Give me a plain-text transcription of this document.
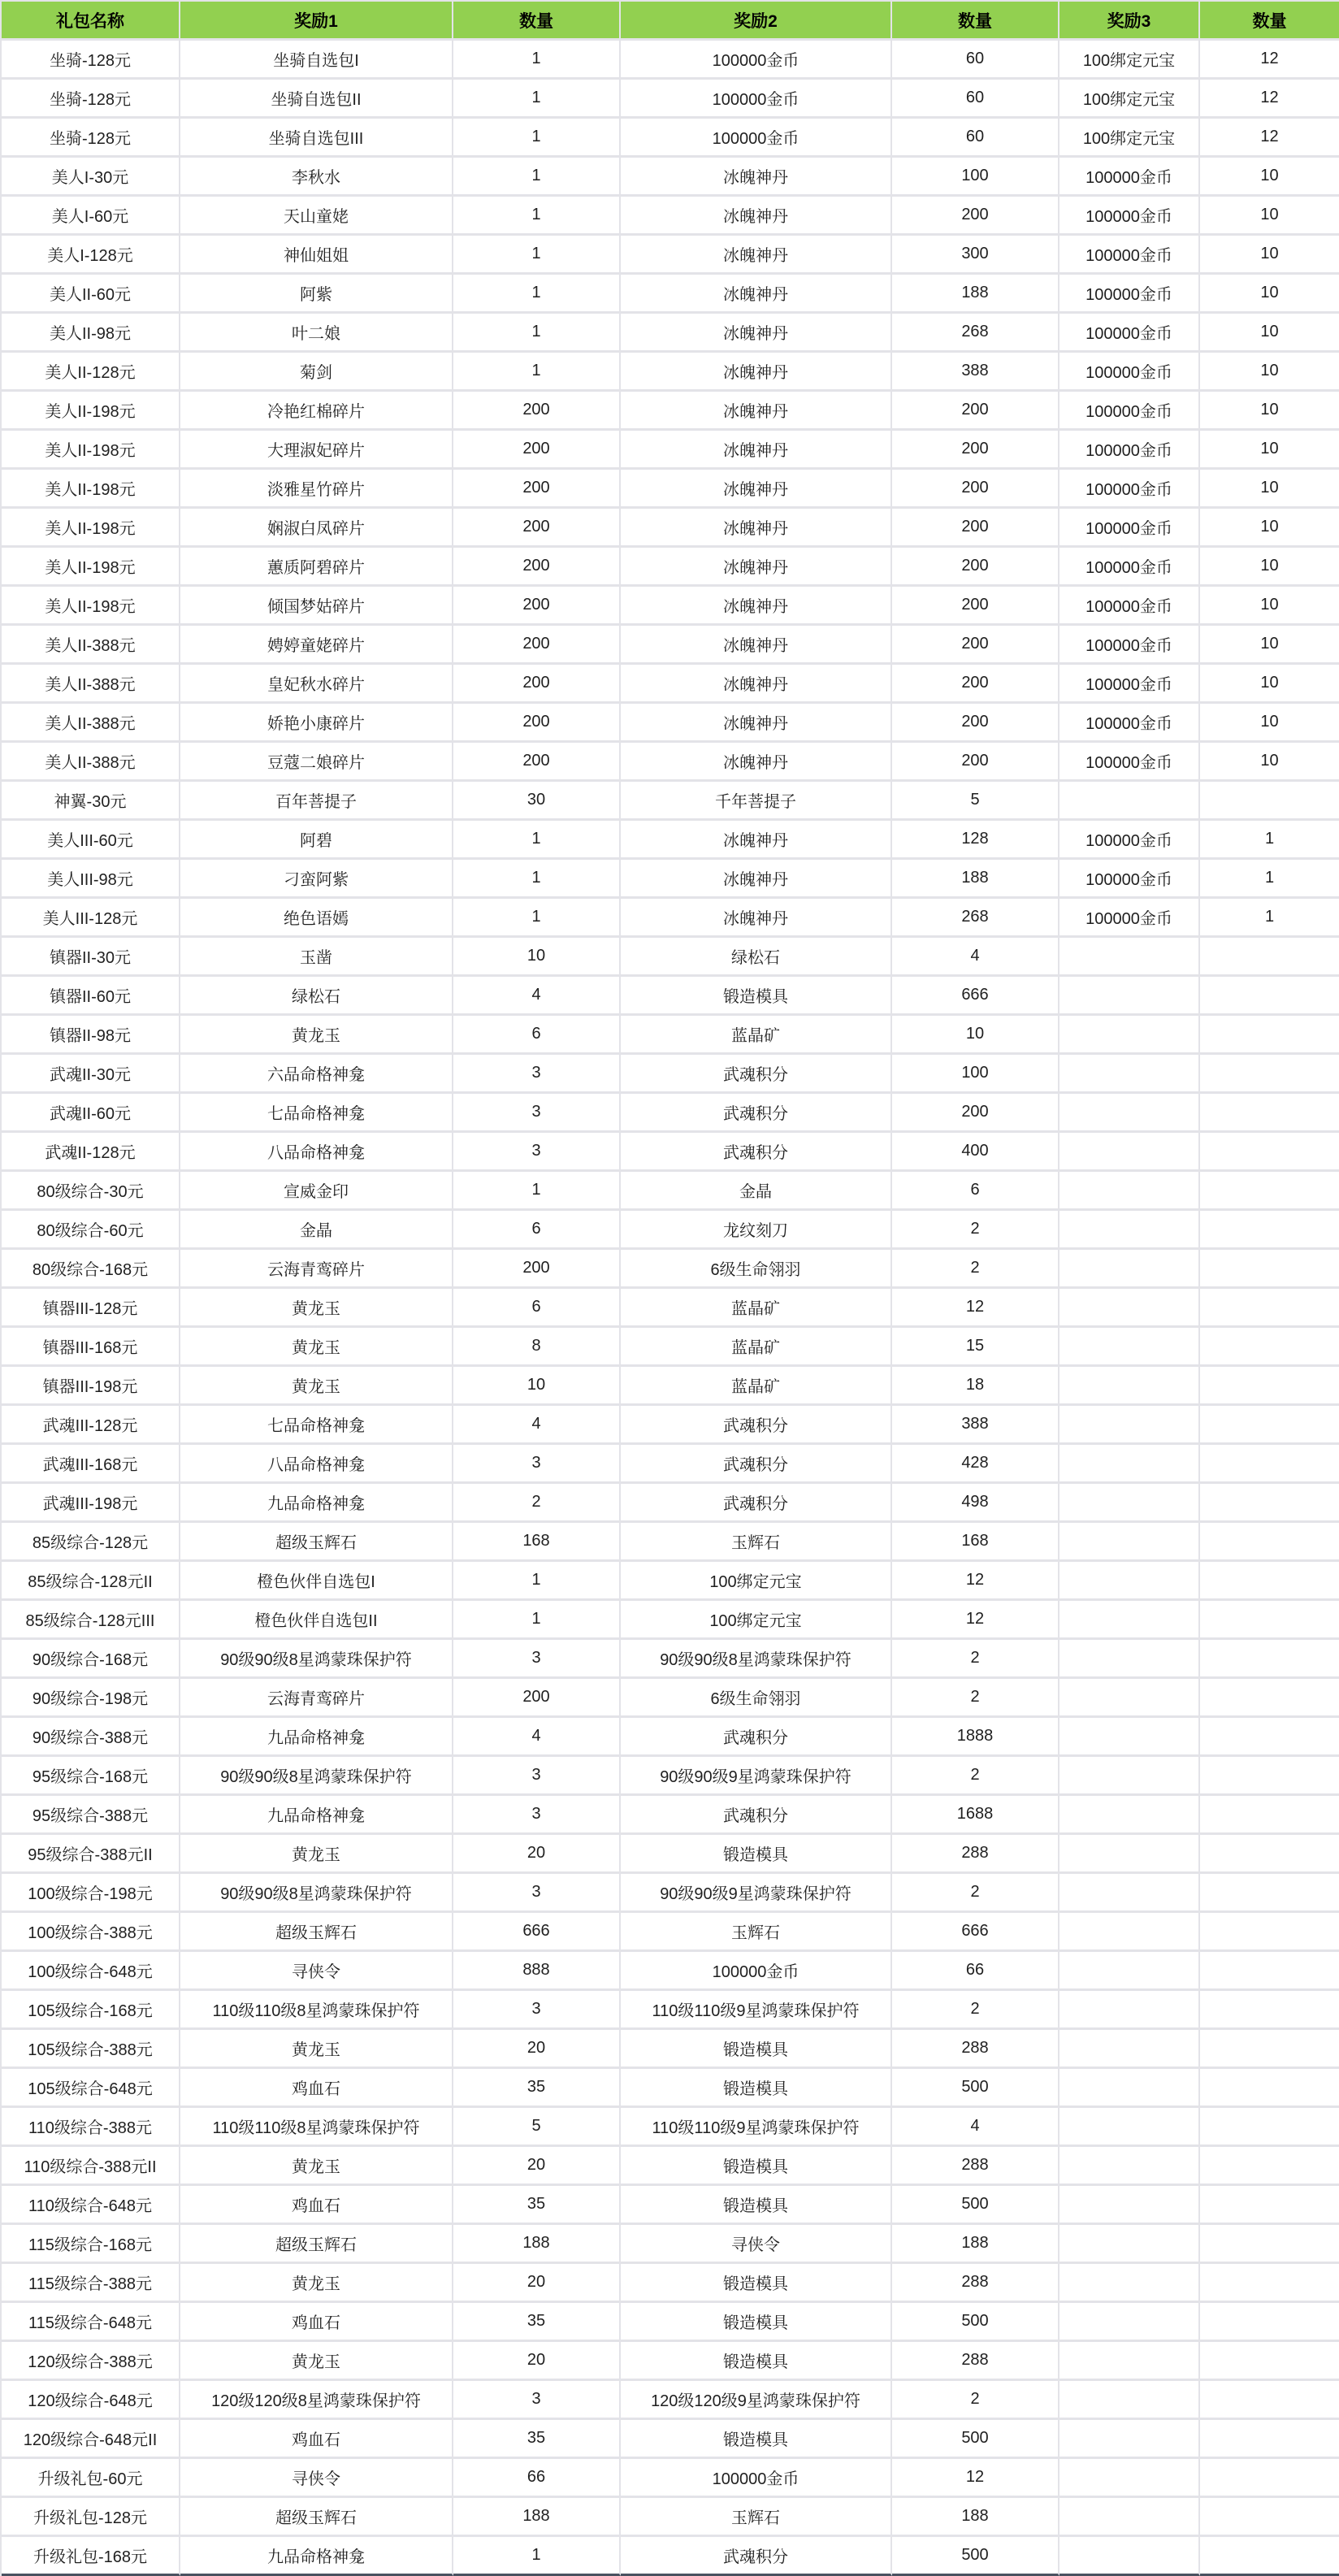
礼包名称	奖励1	数量	奖励2	数量	奖励3	数量
坐骑-128元	坐骑自选包I	1	100000金币	60	100绑定元宝	12
坐骑-128元	坐骑自选包II	1	100000金币	60	100绑定元宝	12
坐骑-128元	坐骑自选包III	1	100000金币	60	100绑定元宝	12
美人I-30元	李秋水	1	冰魄神丹	100	100000金币	10
美人I-60元	天山童姥	1	冰魄神丹	200	100000金币	10
美人I-128元	神仙姐姐	1	冰魄神丹	300	100000金币	10
美人II-60元	阿紫	1	冰魄神丹	188	100000金币	10
美人II-98元	叶二娘	1	冰魄神丹	268	100000金币	10
美人II-128元	菊剑	1	冰魄神丹	388	100000金币	10
美人II-198元	冷艳红棉碎片	200	冰魄神丹	200	100000金币	10
美人II-198元	大理淑妃碎片	200	冰魄神丹	200	100000金币	10
美人II-198元	淡雅星竹碎片	200	冰魄神丹	200	100000金币	10
美人II-198元	娴淑白凤碎片	200	冰魄神丹	200	100000金币	10
美人II-198元	蕙质阿碧碎片	200	冰魄神丹	200	100000金币	10
美人II-198元	倾国梦姑碎片	200	冰魄神丹	200	100000金币	10
美人II-388元	娉婷童姥碎片	200	冰魄神丹	200	100000金币	10
美人II-388元	皇妃秋水碎片	200	冰魄神丹	200	100000金币	10
美人II-388元	娇艳小康碎片	200	冰魄神丹	200	100000金币	10
美人II-388元	豆蔻二娘碎片	200	冰魄神丹	200	100000金币	10
神翼-30元	百年菩提子	30	千年菩提子	5		
美人III-60元	阿碧	1	冰魄神丹	128	100000金币	1
美人III-98元	刁蛮阿紫	1	冰魄神丹	188	100000金币	1
美人III-128元	绝色语嫣	1	冰魄神丹	268	100000金币	1
镇器II-30元	玉凿	10	绿松石	4		
镇器II-60元	绿松石	4	锻造模具	666		
镇器II-98元	黄龙玉	6	蓝晶矿	10		
武魂II-30元	六品命格神龛	3	武魂积分	100		
武魂II-60元	七品命格神龛	3	武魂积分	200		
武魂II-128元	八品命格神龛	3	武魂积分	400		
80级综合-30元	宣威金印	1	金晶	6		
80级综合-60元	金晶	6	龙纹刻刀	2		
80级综合-168元	云海青鸾碎片	200	6级生命翎羽	2		
镇器III-128元	黄龙玉	6	蓝晶矿	12		
镇器III-168元	黄龙玉	8	蓝晶矿	15		
镇器III-198元	黄龙玉	10	蓝晶矿	18		
武魂III-128元	七品命格神龛	4	武魂积分	388		
武魂III-168元	八品命格神龛	3	武魂积分	428		
武魂III-198元	九品命格神龛	2	武魂积分	498		
85级综合-128元	超级玉辉石	168	玉辉石	168		
85级综合-128元II	橙色伙伴自选包I	1	100绑定元宝	12		
85级综合-128元III	橙色伙伴自选包II	1	100绑定元宝	12		
90级综合-168元	90级90级8星鸿蒙珠保护符	3	90级90级8星鸿蒙珠保护符	2		
90级综合-198元	云海青鸾碎片	200	6级生命翎羽	2		
90级综合-388元	九品命格神龛	4	武魂积分	1888		
95级综合-168元	90级90级8星鸿蒙珠保护符	3	90级90级9星鸿蒙珠保护符	2		
95级综合-388元	九品命格神龛	3	武魂积分	1688		
95级综合-388元II	黄龙玉	20	锻造模具	288		
100级综合-198元	90级90级8星鸿蒙珠保护符	3	90级90级9星鸿蒙珠保护符	2		
100级综合-388元	超级玉辉石	666	玉辉石	666		
100级综合-648元	寻侠令	888	100000金币	66		
105级综合-168元	110级110级8星鸿蒙珠保护符	3	110级110级9星鸿蒙珠保护符	2		
105级综合-388元	黄龙玉	20	锻造模具	288		
105级综合-648元	鸡血石	35	锻造模具	500		
110级综合-388元	110级110级8星鸿蒙珠保护符	5	110级110级9星鸿蒙珠保护符	4		
110级综合-388元II	黄龙玉	20	锻造模具	288		
110级综合-648元	鸡血石	35	锻造模具	500		
115级综合-168元	超级玉辉石	188	寻侠令	188		
115级综合-388元	黄龙玉	20	锻造模具	288		
115级综合-648元	鸡血石	35	锻造模具	500		
120级综合-388元	黄龙玉	20	锻造模具	288		
120级综合-648元	120级120级8星鸿蒙珠保护符	3	120级120级9星鸿蒙珠保护符	2		
120级综合-648元II	鸡血石	35	锻造模具	500		
升级礼包-60元	寻侠令	66	100000金币	12		
升级礼包-128元	超级玉辉石	188	玉辉石	188		
升级礼包-168元	九品命格神龛	1	武魂积分	500		
